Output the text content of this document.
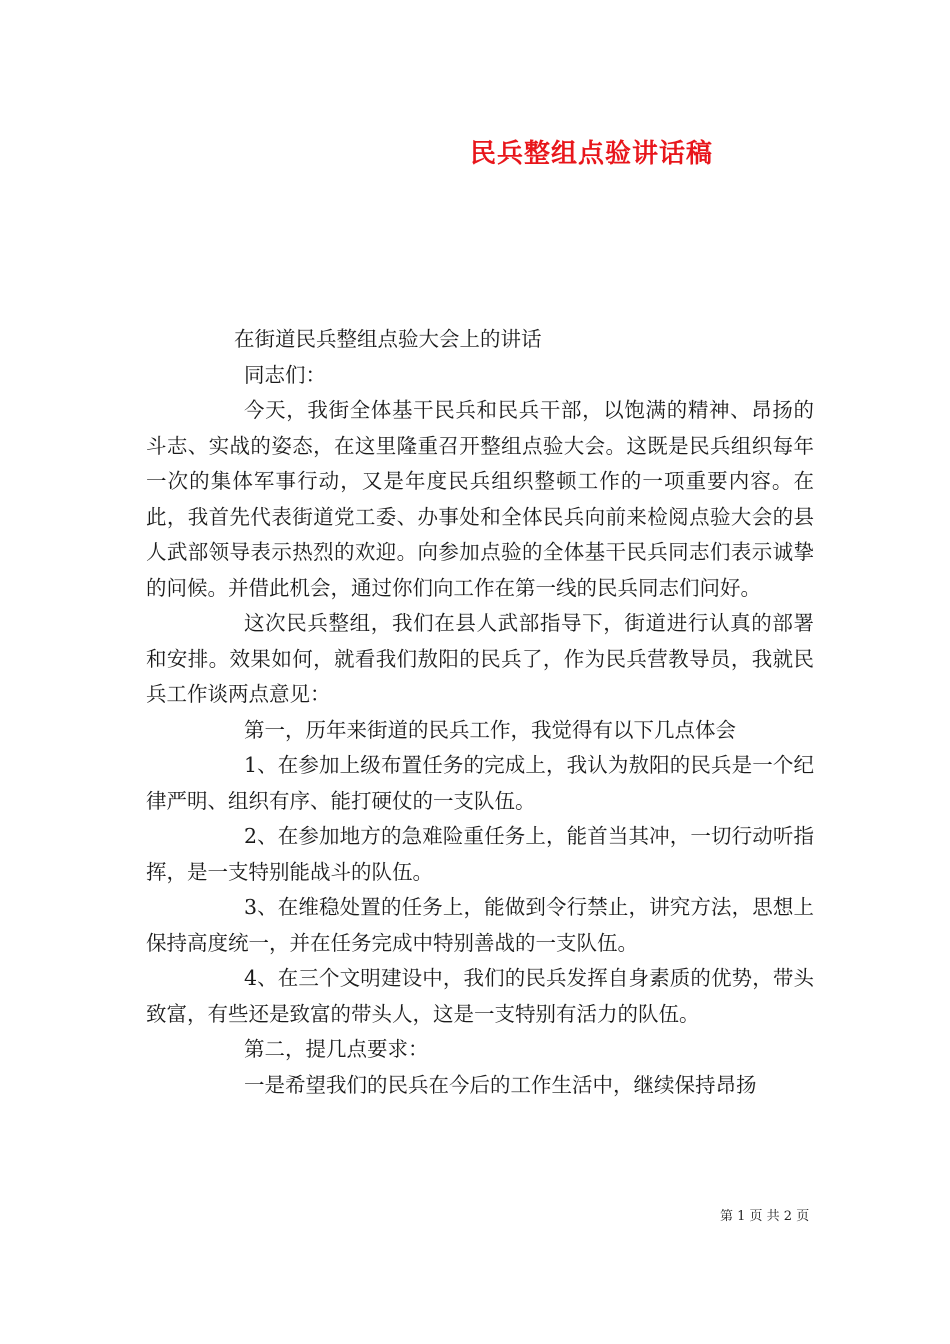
民兵整组点验讲话稿

在街道民兵整组点验大会上的讲话

同志们：

今天，我街全体基干民兵和民兵干部，以饱满的精神、昂扬的斗志、实战的姿态，在这里隆重召开整组点验大会。这既是民兵组织每年一次的集体军事行动，又是年度民兵组织整顿工作的一项重要内容。在此，我首先代表街道党工委、办事处和全体民兵向前来检阅点验大会的县人武部领导表示热烈的欢迎。向参加点验的全体基干民兵同志们表示诚挚的问候。并借此机会，通过你们向工作在第一线的民兵同志们问好。

这次民兵整组，我们在县人武部指导下，街道进行认真的部署和安排。效果如何，就看我们敖阳的民兵了，作为民兵营教导员，我就民兵工作谈两点意见：

第一，历年来街道的民兵工作，我觉得有以下几点体会

1、在参加上级布置任务的完成上，我认为敖阳的民兵是一个纪律严明、组织有序、能打硬仗的一支队伍。

2、在参加地方的急难险重任务上，能首当其冲，一切行动听指挥，是一支特别能战斗的队伍。

3、在维稳处置的任务上，能做到令行禁止，讲究方法，思想上保持高度统一，并在任务完成中特别善战的一支队伍。

4、在三个文明建设中，我们的民兵发挥自身素质的优势，带头致富，有些还是致富的带头人，这是一支特别有活力的队伍。

第二，提几点要求：

一是希望我们的民兵在今后的工作生活中，继续保持昂扬

第 1 页 共 2 页
